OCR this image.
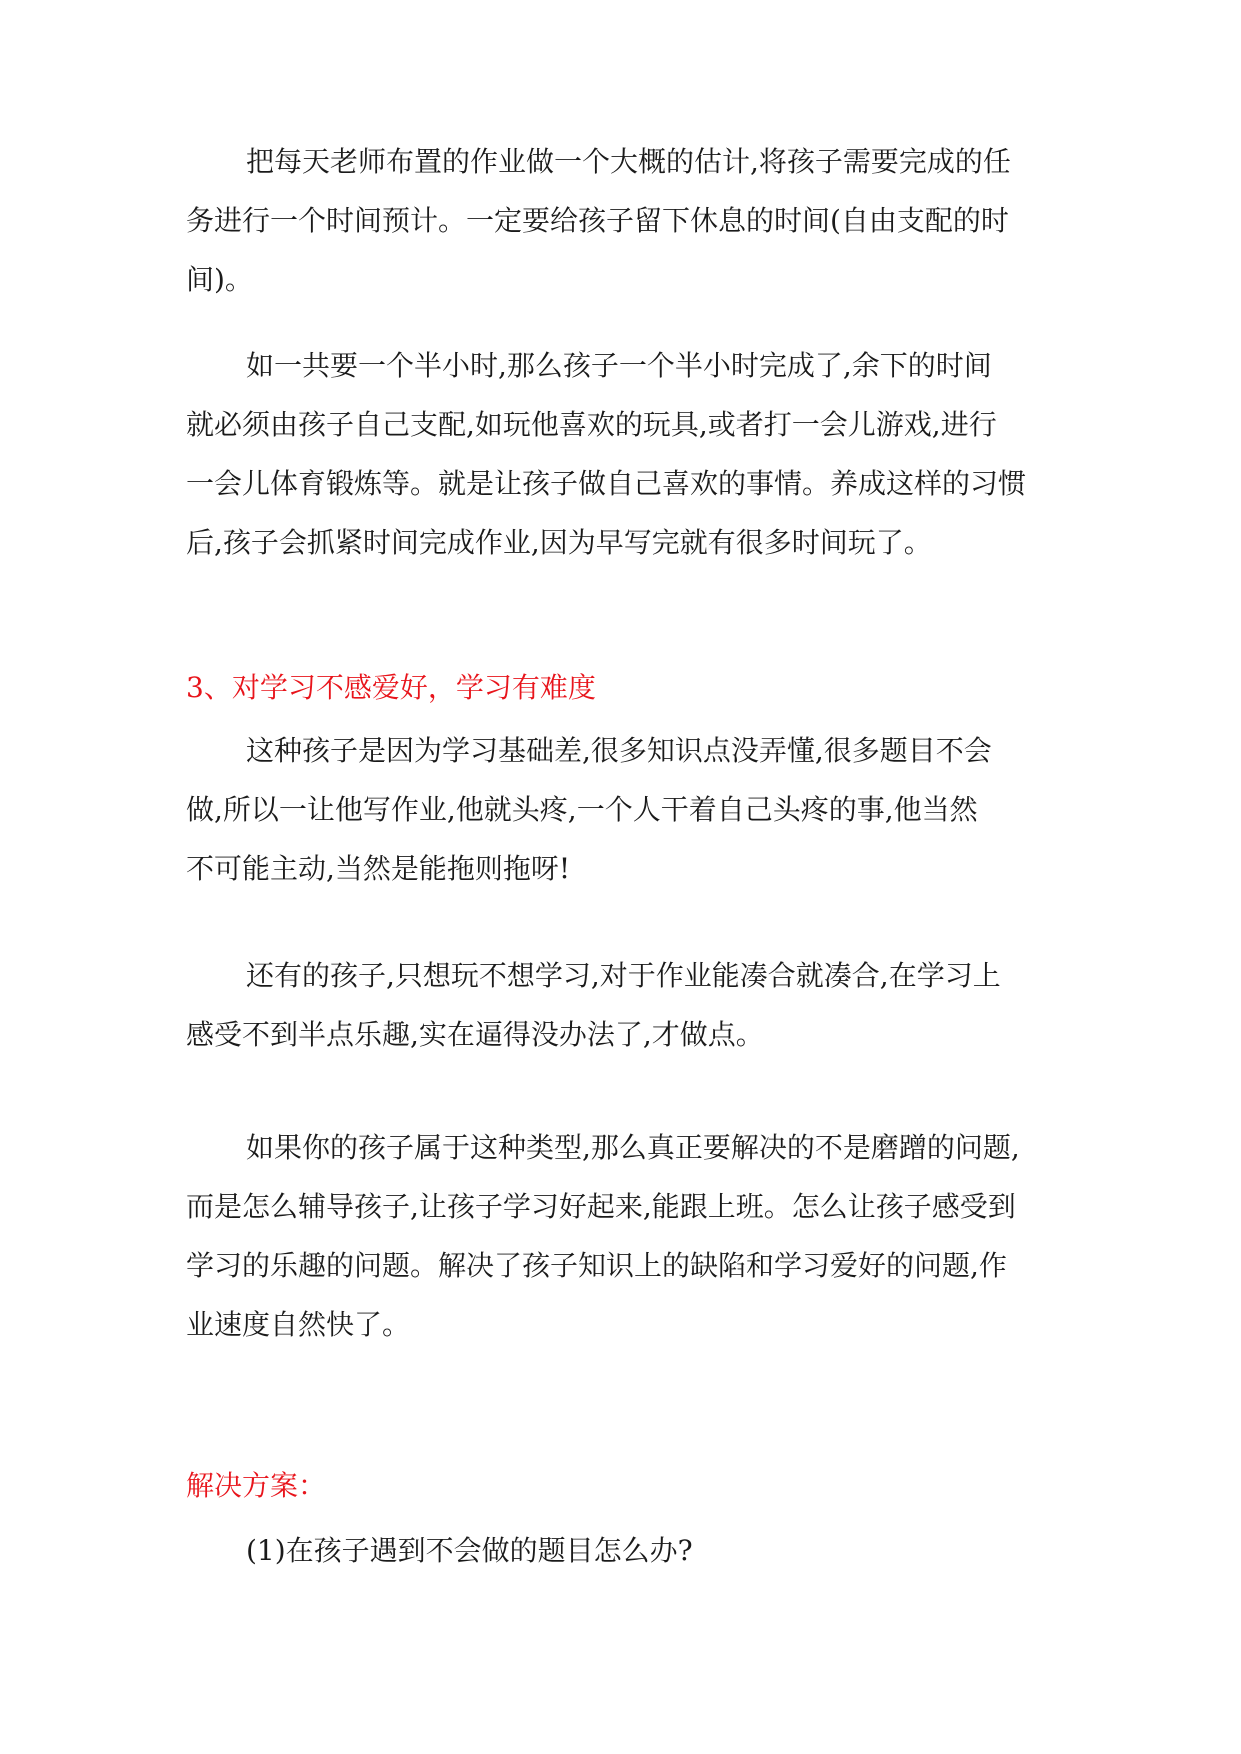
把每天老师布置的作业做一个大概的估计,将孩子需要完成的任
务进行一个时间预计。一定要给孩子留下休息的时间(自由支配的时
间)。
如一共要一个半小时,那么孩子一个半小时完成了,余下的时间
就必须由孩子自己支配,如玩他喜欢的玩具,或者打一会儿游戏,进行
一会儿体育锻炼等。就是让孩子做自己喜欢的事情。养成这样的习惯
后,孩子会抓紧时间完成作业,因为早写完就有很多时间玩了。
3、对学习不感爱好，学习有难度
这种孩子是因为学习基础差,很多知识点没弄懂,很多题目不会
做,所以一让他写作业,他就头疼,一个人干着自己头疼的事,他当然
不可能主动,当然是能拖则拖呀!
还有的孩子,只想玩不想学习,对于作业能凑合就凑合,在学习上
感受不到半点乐趣,实在逼得没办法了,才做点。
如果你的孩子属于这种类型,那么真正要解决的不是磨蹭的问题,
而是怎么辅导孩子,让孩子学习好起来,能跟上班。怎么让孩子感受到
学习的乐趣的问题。解决了孩子知识上的缺陷和学习爱好的问题,作
业速度自然快了。
解决方案：
(1)在孩子遇到不会做的题目怎么办?
